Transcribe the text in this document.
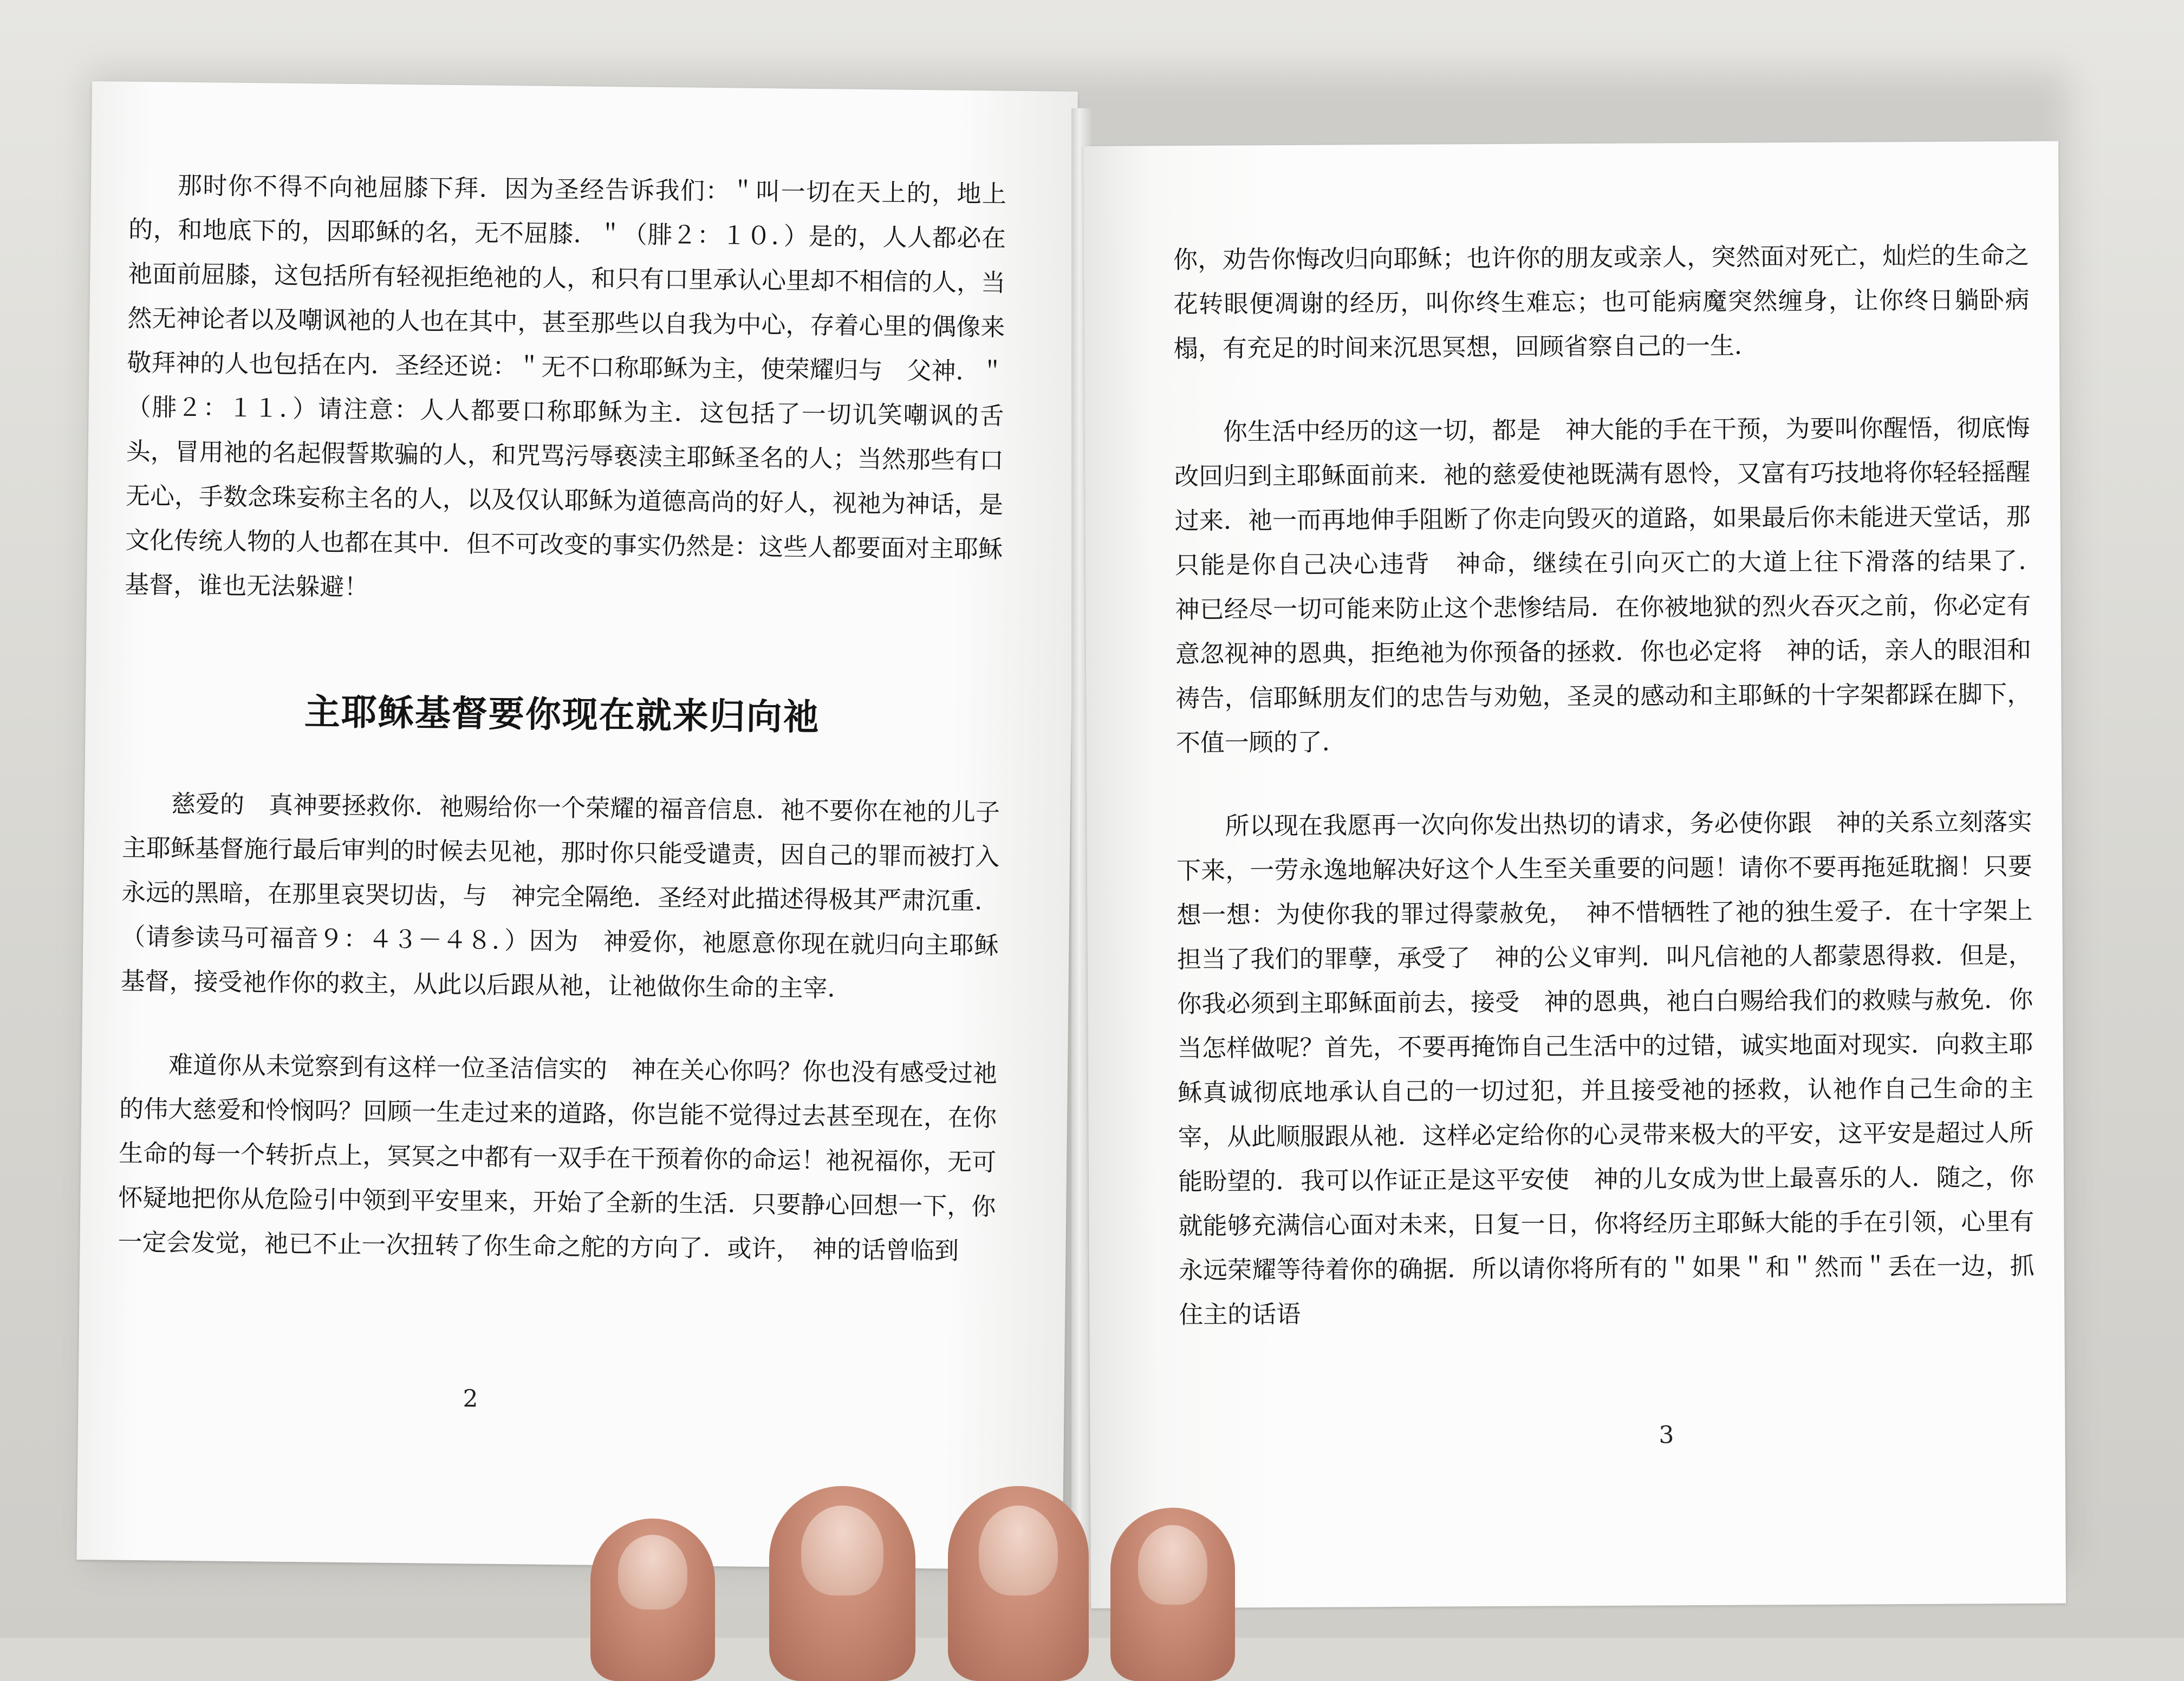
那时你不得不向祂屈膝下拜．因为圣经告诉我们：＂叫一切在天上的，地上的，和地底下的，因耶稣的名，无不屈膝．＂（腓２：１０．）是的，人人都必在祂面前屈膝，这包括所有轻视拒绝祂的人，和只有口里承认心里却不相信的人，当然无神论者以及嘲讽祂的人也在其中，甚至那些以自我为中心，存着心里的偶像来敬拜神的人也包括在内．圣经还说：＂无不口称耶稣为主，使荣耀归与　父神．＂（腓２：１１．）请注意：人人都要口称耶稣为主．这包括了一切讥笑嘲讽的舌头，冒用祂的名起假誓欺骗的人，和咒骂污辱亵渎主耶稣圣名的人；当然那些有口无心，手数念珠妄称主名的人，以及仅认耶稣为道德高尚的好人，视祂为神话，是文化传统人物的人也都在其中．但不可改变的事实仍然是：这些人都要面对主耶稣基督，谁也无法躲避！

主耶稣基督要你现在就来归向祂

慈爱的　真神要拯救你．祂赐给你一个荣耀的福音信息．祂不要你在祂的儿子主耶稣基督施行最后审判的时候去见祂，那时你只能受谴责，因自己的罪而被打入永远的黑暗，在那里哀哭切齿，与　神完全隔绝．圣经对此描述得极其严肃沉重．（请参读马可福音９：４３－４８．）因为　神爱你，祂愿意你现在就归向主耶稣基督，接受祂作你的救主，从此以后跟从祂，让祂做你生命的主宰．

难道你从未觉察到有这样一位圣洁信实的　神在关心你吗？你也没有感受过祂的伟大慈爱和怜悯吗？回顾一生走过来的道路，你岂能不觉得过去甚至现在，在你生命的每一个转折点上，冥冥之中都有一双手在干预着你的命运！祂祝福你，无可怀疑地把你从危险引中领到平安里来，开始了全新的生活．只要静心回想一下，你一定会发觉，祂已不止一次扭转了你生命之舵的方向了．或许，　神的话曾临到

2

你，劝告你悔改归向耶稣；也许你的朋友或亲人，突然面对死亡，灿烂的生命之花转眼便凋谢的经历，叫你终生难忘；也可能病魔突然缠身，让你终日躺卧病榻，有充足的时间来沉思冥想，回顾省察自己的一生．

你生活中经历的这一切，都是　神大能的手在干预，为要叫你醒悟，彻底悔改回归到主耶稣面前来．祂的慈爱使祂既满有恩怜，又富有巧技地将你轻轻摇醒过来．祂一而再地伸手阻断了你走向毁灭的道路，如果最后你未能进天堂话，那只能是你自己决心违背　神命，继续在引向灭亡的大道上往下滑落的结果了．　神已经尽一切可能来防止这个悲惨结局．在你被地狱的烈火吞灭之前，你必定有意忽视神的恩典，拒绝祂为你预备的拯救．你也必定将　神的话，亲人的眼泪和祷告，信耶稣朋友们的忠告与劝勉，圣灵的感动和主耶稣的十字架都踩在脚下，不值一顾的了．

所以现在我愿再一次向你发出热切的请求，务必使你跟　神的关系立刻落实下来，一劳永逸地解决好这个人生至关重要的问题！请你不要再拖延耽搁！只要想一想：为使你我的罪过得蒙赦免，　神不惜牺牲了祂的独生爱子．在十字架上担当了我们的罪孽，承受了　神的公义审判．叫凡信祂的人都蒙恩得救．但是，你我必须到主耶稣面前去，接受　神的恩典，祂白白赐给我们的救赎与赦免．你当怎样做呢？首先，不要再掩饰自己生活中的过错，诚实地面对现实．向救主耶稣真诚彻底地承认自己的一切过犯，并且接受祂的拯救，认祂作自己生命的主宰，从此顺服跟从祂．这样必定给你的心灵带来极大的平安，这平安是超过人所能盼望的．我可以作证正是这平安使　神的儿女成为世上最喜乐的人．随之，你就能够充满信心面对未来，日复一日，你将经历主耶稣大能的手在引领，心里有永远荣耀等待着你的确据．所以请你将所有的＂如果＂和＂然而＂丢在一边，抓住主的话语

3
